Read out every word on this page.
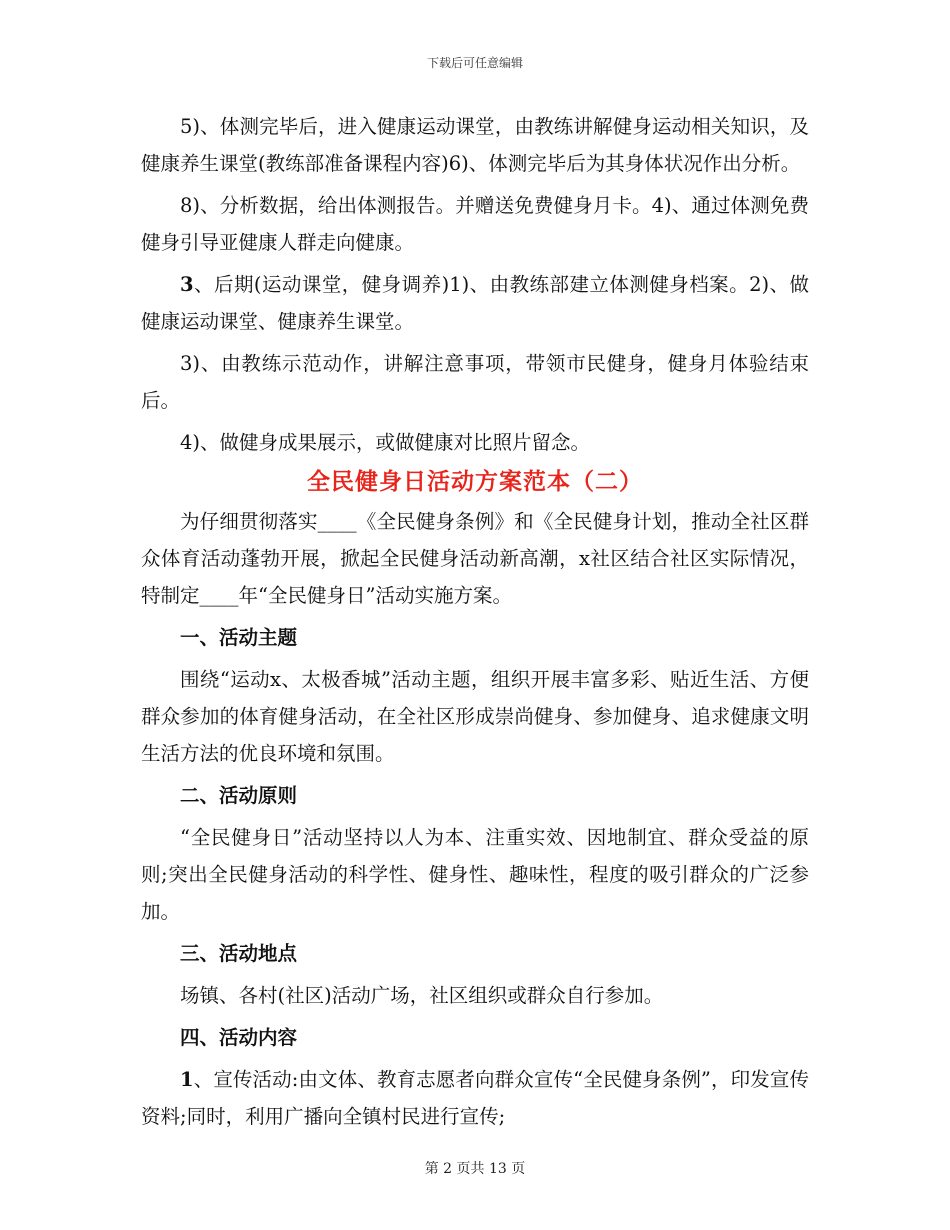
下载后可任意编辑

5)、体测完毕后，进入健康运动课堂，由教练讲解健身运动相关知识，及健康养生课堂(教练部准备课程内容)6)、体测完毕后为其身体状况作出分析。

8)、分析数据，给出体测报告。并赠送免费健身月卡。4)、通过体测免费健身引导亚健康人群走向健康。

3、后期(运动课堂，健身调养)1)、由教练部建立体测健身档案。2)、做健康运动课堂、健康养生课堂。

3)、由教练示范动作，讲解注意事项，带领市民健身，健身月体验结束后。

4)、做健身成果展示，或做健康对比照片留念。

全民健身日活动方案范本（二）

为仔细贯彻落实____《全民健身条例》和《全民健身计划，推动全社区群众体育活动蓬勃开展，掀起全民健身活动新高潮，x社区结合社区实际情况，特制定____年“全民健身日”活动实施方案。

一、活动主题

围绕“运动x、太极香城”活动主题，组织开展丰富多彩、贴近生活、方便群众参加的体育健身活动，在全社区形成崇尚健身、参加健身、追求健康文明生活方法的优良环境和氛围。

二、活动原则

“全民健身日”活动坚持以人为本、注重实效、因地制宜、群众受益的原则;突出全民健身活动的科学性、健身性、趣味性，程度的吸引群众的广泛参加。

三、活动地点

场镇、各村(社区)活动广场，社区组织或群众自行参加。

四、活动内容

1、宣传活动:由文体、教育志愿者向群众宣传“全民健身条例”，印发宣传资料;同时，利用广播向全镇村民进行宣传;

第 2 页共 13 页
